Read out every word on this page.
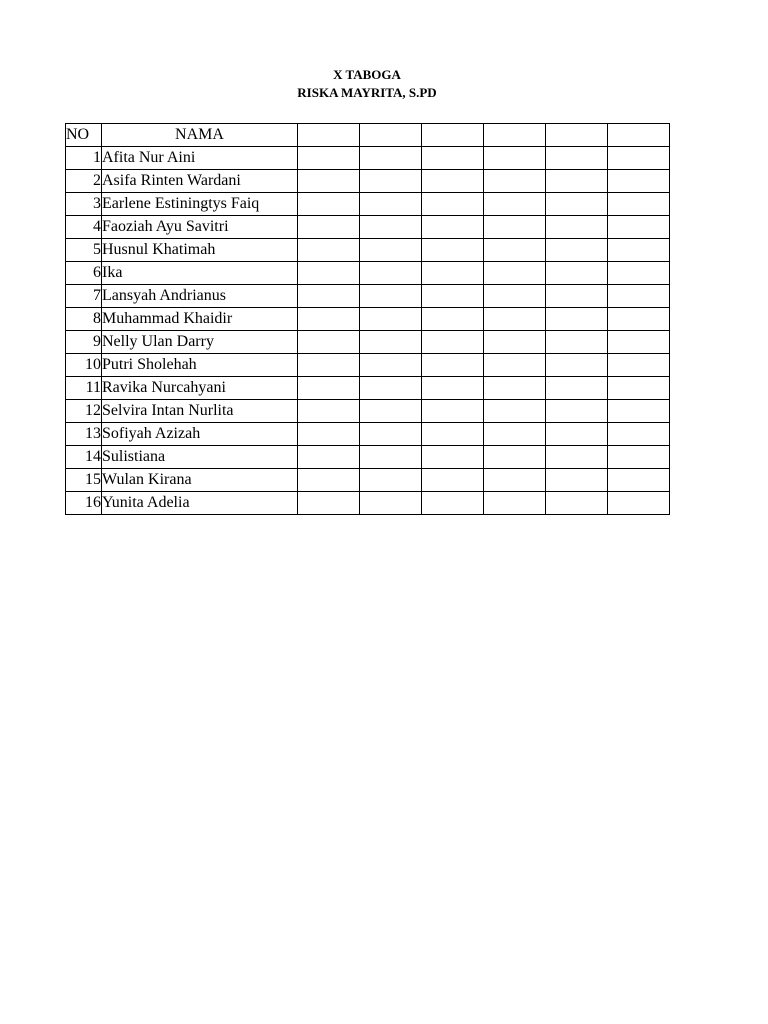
X TABOGA
RISKA MAYRITA, S.PD
NO	NAMA						
1	Afita Nur Aini						
2	Asifa Rinten Wardani						
3	Earlene Estiningtys Faiq						
4	Faoziah Ayu Savitri						
5	Husnul Khatimah						
6	Ika						
7	Lansyah Andrianus						
8	Muhammad Khaidir						
9	Nelly Ulan Darry						
10	Putri Sholehah						
11	Ravika Nurcahyani						
12	Selvira Intan Nurlita						
13	Sofiyah Azizah						
14	Sulistiana						
15	Wulan Kirana						
16	Yunita Adelia						
